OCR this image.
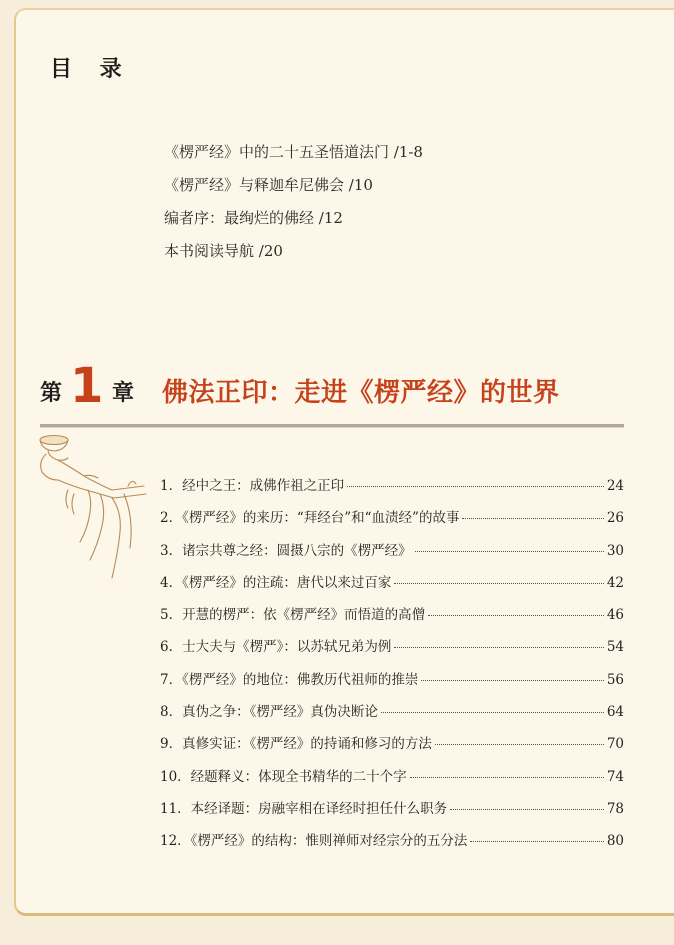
目 录
《楞严经》中的二十五圣悟道法门 /1-8
《楞严经》与释迦牟尼佛会 /10
编者序：最绚烂的佛经 /12
本书阅读导航 /20
第 1 章 佛法正印：走进《楞严经》的世界
1．经中之王：成佛作祖之正印	24
2．《楞严经》的来历：“拜经台”和“血渍经”的故事	26
3．诸宗共尊之经：圆摄八宗的《楞严经》	30
4．《楞严经》的注疏：唐代以来过百家	42
5．开慧的楞严：依《楞严经》而悟道的高僧	46
6．士大夫与《楞严》：以苏轼兄弟为例	54
7．《楞严经》的地位：佛教历代祖师的推崇	56
8．真伪之争：《楞严经》真伪决断论	64
9．真修实证：《楞严经》的持诵和修习的方法	70
10．经题释义：体现全书精华的二十个字	74
11．本经译题：房融宰相在译经时担任什么职务	78
12．《楞严经》的结构：惟则禅师对经宗分的五分法	80
